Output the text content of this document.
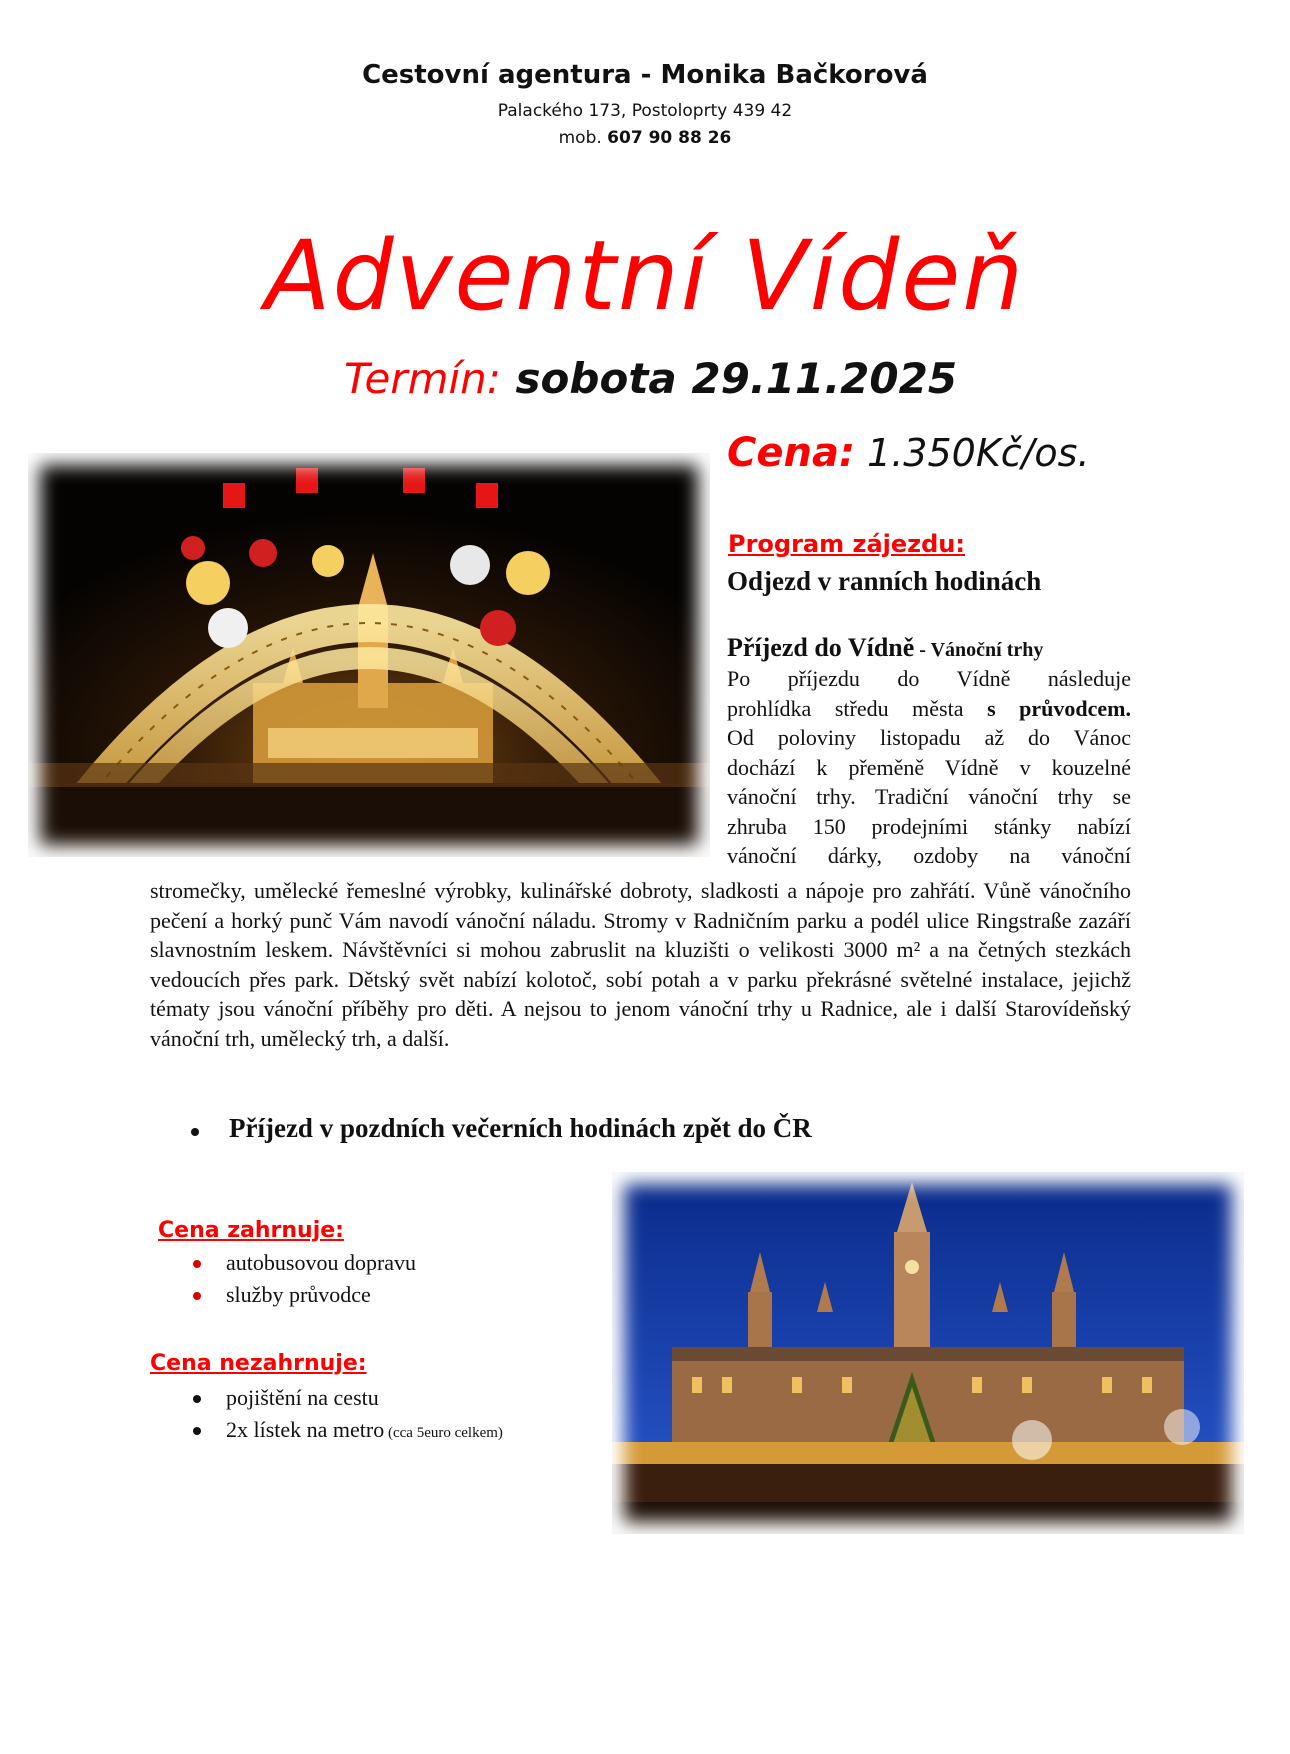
Cestovní agentura - Monika Bačkorová
Palackého 173, Postoloprty 439 42
mob. 607 90 88 26
Adventní Vídeň
Termín: sobota 29.11.2025
Cena: 1.350Kč/os.
Program zájezdu:
Odjezd v ranních hodinách
Příjezd do Vídně - Vánoční trhy
Po příjezdu do Vídně následuje
prohlídka středu města s průvodcem.
Od poloviny listopadu až do Vánoc
dochází k přeměně Vídně v kouzelné
vánoční trhy. Tradiční vánoční trhy se
zhruba 150 prodejními stánky nabízí
vánoční dárky, ozdoby na vánoční
stromečky, umělecké řemeslné výrobky, kulinářské dobroty, sladkosti a nápoje pro zahřátí. Vůně vánočního pečení a horký punč Vám navodí vánoční náladu. Stromy v Radničním parku a podél ulice Ringstraße zazáří slavnostním leskem. Návštěvníci si mohou zabruslit na kluzišti o velikosti 3000 m² a na četných stezkách vedoucích přes park. Dětský svět nabízí kolotoč, sobí potah a v parku překrásné světelné instalace, jejichž tématy jsou vánoční příběhy pro děti. A nejsou to jenom vánoční trhy u Radnice, ale i další Starovídeňský vánoční trh, umělecký trh, a další.
Příjezd v pozdních večerních hodinách zpět do ČR
Cena zahrnuje:
autobusovou dopravu
služby průvodce
Cena nezahrnuje:
pojištění na cestu
2x lístek na metro (cca 5euro celkem)
